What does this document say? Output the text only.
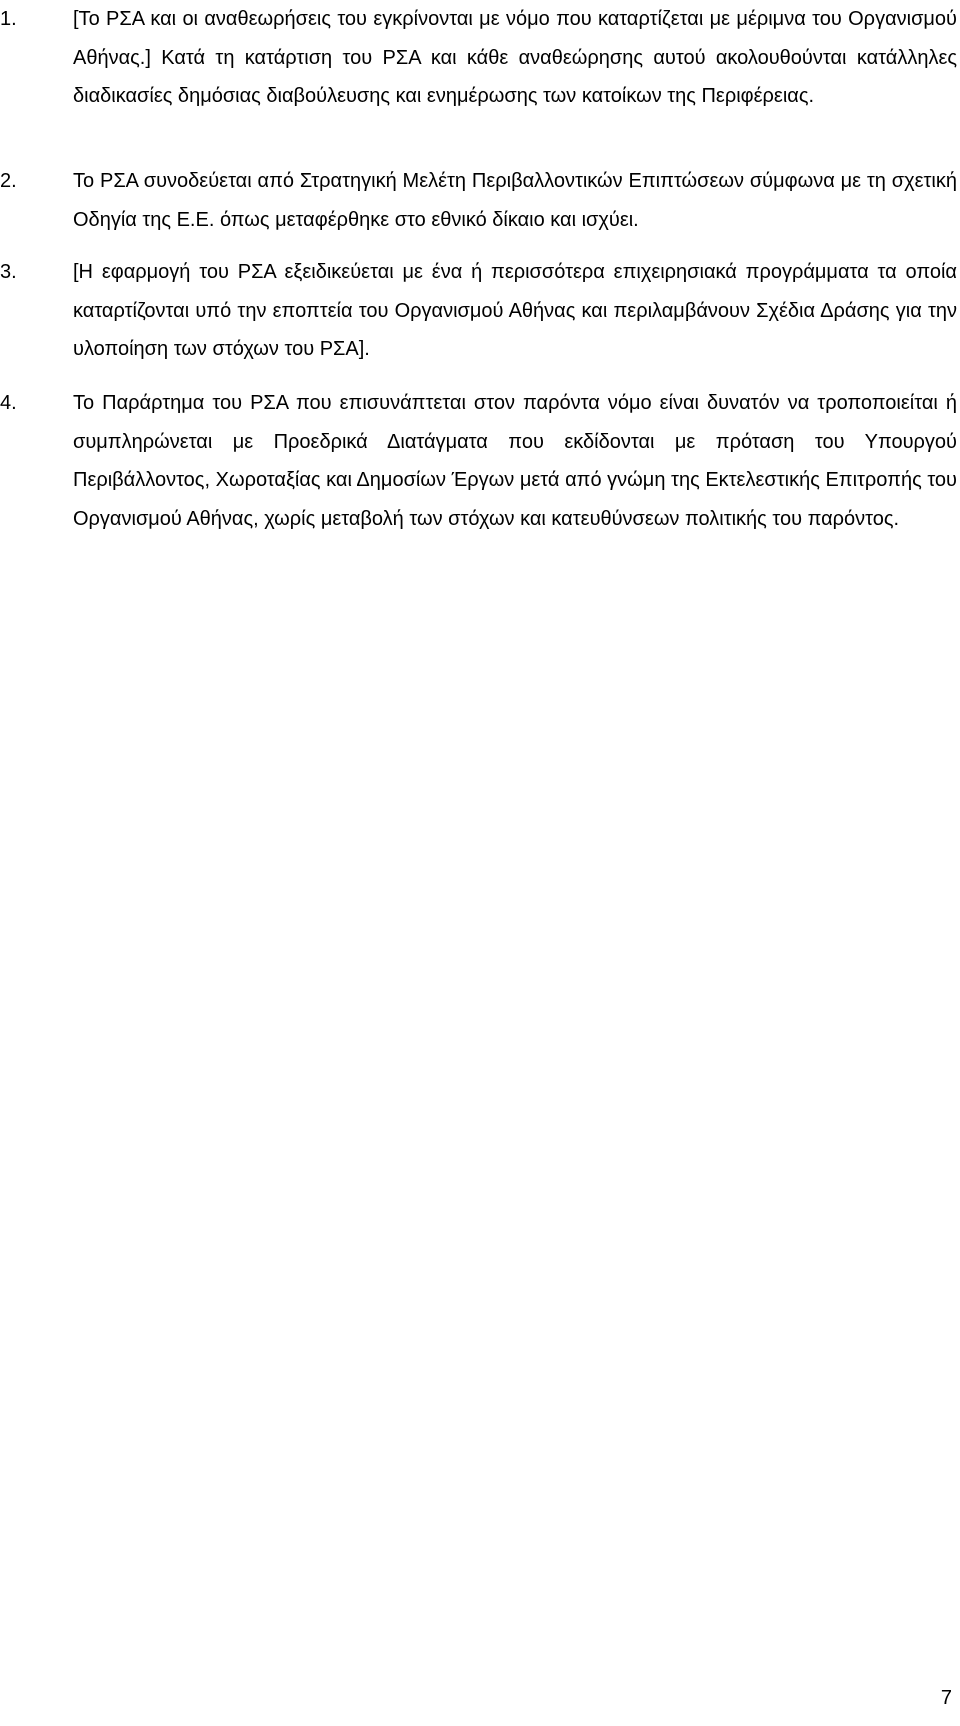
1.	[Το ΡΣΑ και οι αναθεωρήσεις του εγκρίνονται με νόμο που καταρτίζεται με μέριμνα του Οργανισμού Αθήνας.] Κατά τη κατάρτιση του ΡΣΑ και κάθε αναθεώρησης αυτού ακολουθούνται κατάλληλες διαδικασίες δημόσιας διαβούλευσης και ενημέρωσης των κατοίκων της Περιφέρειας.
2.	Το ΡΣΑ συνοδεύεται από Στρατηγική Μελέτη Περιβαλλοντικών Επιπτώσεων σύμφωνα με τη σχετική Οδηγία της Ε.Ε. όπως μεταφέρθηκε στο εθνικό δίκαιο και ισχύει.
3.	[Η εφαρμογή του ΡΣΑ εξειδικεύεται με ένα ή περισσότερα επιχειρησιακά προγράμματα τα οποία καταρτίζονται υπό την εποπτεία του Οργανισμού Αθήνας και περιλαμβάνουν Σχέδια Δράσης για την υλοποίηση των στόχων του ΡΣΑ].
4.	Το Παράρτημα του ΡΣΑ που επισυνάπτεται στον παρόντα νόμο είναι δυνατόν να τροποποιείται ή συμπληρώνεται με Προεδρικά Διατάγματα που εκδίδονται με πρόταση του Υπουργού Περιβάλλοντος, Χωροταξίας και Δημοσίων Έργων μετά από γνώμη της Εκτελεστικής Επιτροπής του Οργανισμού Αθήνας, χωρίς μεταβολή των στόχων και κατευθύνσεων πολιτικής του παρόντος.
7
